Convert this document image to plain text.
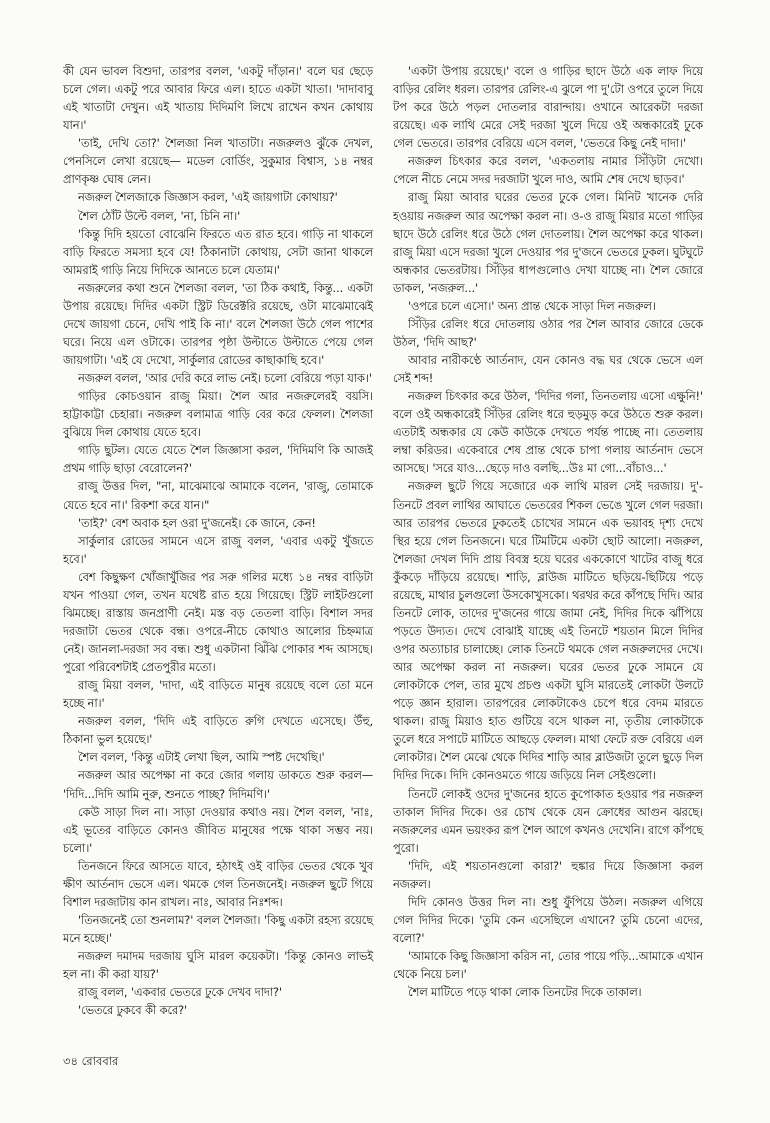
কী যেন ভাবল বিশুদা, তারপর বলল, 'একটু দাঁড়ান।' বলে ঘর ছেড়ে চলে গেল। একটু পরে আবার ফিরে এল। হাতে একটা খাতা। 'দাদাবাবু এই খাতাটা দেখুন। এই খাতায় দিদিমণি লিখে রাখেন কখন কোথায় যান।'

'তাই, দেখি তো?' শৈলজা নিল খাতাটা। নজরুলও ঝুঁকে দেখল, পেনসিলে লেখা রয়েছে— মডেল বোর্ডিং, সুকুমার বিশ্বাস, ১৪ নম্বর প্রাণকৃষ্ণ ঘোষ লেন।

নজরুল শৈলজাকে জিজ্ঞাস করল, 'এই জায়গাটা কোথায়?'

শৈল ঠোঁট উল্টে বলল, 'না, চিনি না।'

'কিন্তু দিদি হয়তো বোঝেনি ফিরতে এত রাত হবে। গাড়ি না থাকলে বাড়ি ফিরতে সমস্যা হবে যে! ঠিকানাটা কোথায়, সেটা জানা থাকলে আমরাই গাড়ি নিয়ে দিদিকে আনতে চলে যেতাম।'

নজরুলের কথা শুনে শৈলজা বলল, 'তা ঠিক কথাই, কিন্তু... একটা উপায় রয়েছে। দিদির একটা স্ট্রিট ডিরেক্টরি রয়েছে, ওটা মাঝেমাঝেই দেখে জায়গা চেনে, দেখি পাই কি না।' বলে শৈলজা উঠে গেল পাশের ঘরে। নিয়ে এল ওটাকে। তারপর পৃষ্ঠা উল্টাতে উল্টাতে পেয়ে গেল জায়গাটা। 'এই যে দেখো, সার্কুলার রোডের কাছাকাছি হবে।'

নজরুল বলল, 'আর দেরি করে লাভ নেই। চলো বেরিয়ে পড়া যাক।'

গাড়ির কোচওয়ান রাজু মিয়া। শৈল আর নজরুলেরই বয়সি। হাট্টাকাট্টা চেহারা। নজরুল বলামাত্র গাড়ি বের করে ফেলল। শৈলজা বুঝিয়ে দিল কোথায় যেতে হবে।

গাড়ি ছুটল। যেতে যেতে শৈল জিজ্ঞাসা করল, 'দিদিমণি কি আজই প্রথম গাড়ি ছাড়া বেরোলেন?'

রাজু উত্তর দিল, "না, মাঝেমাঝে আমাকে বলেন, 'রাজু, তোমাকে যেতে হবে না।' রিকশা করে যান।"

'তাই?' বেশ অবাক হল ওরা দু'জনেই। কে জানে, কেন!

সার্কুলার রোডের সামনে এসে রাজু বলল, 'এবার একটু খুঁজতে হবে।'

বেশ কিছুক্ষণ খোঁজাখুঁজির পর সরু গলির মধ্যে ১৪ নম্বর বাড়িটা যখন পাওয়া গেল, তখন যথেষ্ট রাত হয়ে গিয়েছে। স্ট্রিট লাইটগুলো ঝিমচ্ছে। রাস্তায় জনপ্রাণী নেই। মস্ত বড় তেতলা বাড়ি। বিশাল সদর দরজাটা ভেতর থেকে বন্ধ। ওপরে-নীচে কোথাও আলোর চিহ্নমাত্র নেই। জানলা-দরজা সব বন্ধ। শুধু একটানা ঝিঁঝি পোকার শব্দ আসছে। পুরো পরিবেশটাই প্রেতপুরীর মতো।

রাজু মিয়া বলল, 'দাদা, এই বাড়িতে মানুষ রয়েছে বলে তো মনে হচ্ছে না।'

নজরুল বলল, 'দিদি এই বাড়িতে রুগি দেখতে এসেছে। উঁহু, ঠিকানা ভুল হয়েছে।'

শৈল বলল, 'কিন্তু এটাই লেখা ছিল, আমি স্পষ্ট দেখেছি।'

নজরুল আর অপেক্ষা না করে জোর গলায় ডাকতে শুরু করল— 'দিদি...দিদি আমি নুরু, শুনতে পাচ্ছ? দিদিমণি।'

কেউ সাড়া দিল না। সাড়া দেওয়ার কথাও নয়। শৈল বলল, 'নাঃ, এই ভূতের বাড়িতে কোনও জীবিত মানুষের পক্ষে থাকা সম্ভব নয়। চলো।'

তিনজনে ফিরে আসতে যাবে, হঠাৎই ওই বাড়ির ভেতর থেকে খুব ক্ষীণ আর্তনাদ ভেসে এল। থমকে গেল তিনজনেই। নজরুল ছুটে গিয়ে বিশাল দরজাটায় কান রাখল। নাঃ, আবার নিঃশব্দ।

'তিনজনেই তো শুনলাম?' বলল শৈলজা। 'কিছু একটা রহস্য রয়েছে মনে হচ্ছে।'

নজরুল দমাদম দরজায় ঘুসি মারল কয়েকটা। 'কিন্তু কোনও লাভই হল না। কী করা যায়?'

রাজু বলল, 'একবার ভেতরে ঢুকে দেখব দাদা?'

'ভেতরে ঢুকবে কী করে?'

'একটা উপায় রয়েছে।' বলে ও গাড়ির ছাদে উঠে এক লাফ দিয়ে বাড়ির রেলিং ধরল। তারপর রেলিং-এ ঝুলে পা দু'টো ওপরে তুলে দিয়ে টপ করে উঠে পড়ল দোতলার বারান্দায়। ওখানে আরেকটা দরজা রয়েছে। এক লাথি মেরে সেই দরজা খুলে দিয়ে ওই অন্ধকারেই ঢুকে গেল ভেতরে। তারপর বেরিয়ে এসে বলল, 'ভেতরে কিছু নেই দাদা।'

নজরুল চিৎকার করে বলল, 'একতলায় নামার সিঁড়িটা দেখো। পেলে নীচে নেমে সদর দরজাটা খুলে দাও, আমি শেষ দেখে ছাড়ব।'

রাজু মিয়া আবার ঘরের ভেতর ঢুকে গেল। মিনিট খানেক দেরি হওয়ায় নজরুল আর অপেক্ষা করল না। ও-ও রাজু মিয়ার মতো গাড়ির ছাদে উঠে রেলিং ধরে উঠে গেল দোতলায়। শৈল অপেক্ষা করে থাকল। রাজু মিয়া এসে দরজা খুলে দেওয়ার পর দু'জনে ভেতরে ঢুকল। ঘুটঘুটে অন্ধকার ভেতরটায়। সিঁড়ির ধাপগুলোও দেখা যাচ্ছে না। শৈল জোরে ডাকল, 'নজরুল...'

'ওপরে চলে এসো।' অন্য প্রান্ত থেকে সাড়া দিল নজরুল।

সিঁড়ির রেলিং ধরে দোতলায় ওঠার পর শৈল আবার জোরে ডেকে উঠল, 'দিদি আছ?'

আবার নারীকণ্ঠে আর্তনাদ, যেন কোনও বদ্ধ ঘর থেকে ভেসে এল সেই শব্দ!

নজরুল চিৎকার করে উঠল, 'দিদির গলা, তিনতলায় এসো এক্ষুনি!' বলে ওই অন্ধকারেই সিঁড়ির রেলিং ধরে হুড়মুড় করে উঠতে শুরু করল। এতটাই অন্ধকার যে কেউ কাউকে দেখতে পর্যন্ত পাচ্ছে না। তেতলায় লম্বা করিডর। একেবারে শেষ প্রান্ত থেকে চাপা গলায় আর্তনাদ ভেসে আসছে। 'সরে যাও...ছেড়ে দাও বলছি...উঃ মা গো...বাঁচাও...'

নজরুল ছুটে গিয়ে সজোরে এক লাথি মারল সেই দরজায়। দু'-তিনটে প্রবল লাথির আঘাতে ভেতরের শিকল ভেঙে খুলে গেল দরজা। আর তারপর ভেতরে ঢুকতেই চোখের সামনে এক ভয়াবহ দৃশ্য দেখে স্থির হয়ে গেল তিনজনে। ঘরে টিমটিমে একটা ছোট আলো। নজরুল, শৈলজা দেখল দিদি প্রায় বিবস্ত্র হয়ে ঘরের এককোণে খাটের বাজু ধরে কুঁকড়ে দাঁড়িয়ে রয়েছে। শাড়ি, ব্লাউজ মাটিতে ছড়িয়ে-ছিটিয়ে পড়ে রয়েছে, মাথার চুলগুলো উসকোখুসকো। থরথর করে কাঁপছে দিদি। আর তিনটে লোক, তাদের দু'জনের গায়ে জামা নেই, দিদির দিকে ঝাঁপিয়ে পড়তে উদ্যত। দেখে বোঝাই যাচ্ছে এই তিনটে শয়তান মিলে দিদির ওপর অত্যাচার চালাচ্ছে। লোক তিনটে থমকে গেল নজরুলদের দেখে। আর অপেক্ষা করল না নজরুল। ঘরের ভেতর ঢুকে সামনে যে লোকটাকে পেল, তার মুখে প্রচণ্ড একটা ঘুসি মারতেই লোকটা উলটে পড়ে জ্ঞান হারাল। তারপরের লোকটাকেও চেপে ধরে বেদম মারতে থাকল। রাজু মিয়াও হাত গুটিয়ে বসে থাকল না, তৃতীয় লোকটাকে তুলে ধরে সপাটে মাটিতে আছড়ে ফেলল। মাথা ফেটে রক্ত বেরিয়ে এল লোকটার। শৈল মেঝে থেকে দিদির শাড়ি আর ব্লাউজটা তুলে ছুড়ে দিল দিদির দিকে। দিদি কোনওমতে গায়ে জড়িয়ে নিল সেইগুলো।

তিনটে লোকই ওদের দু'জনের হাতে কুপোকাত হওয়ার পর নজরুল তাকাল দিদির দিকে। ওর চোখ থেকে যেন ক্রোধের আগুন ঝরছে। নজরুলের এমন ভয়ংকর রূপ শৈল আগে কখনও দেখেনি। রাগে কাঁপছে পুরো।

'দিদি, এই শয়তানগুলো কারা?' হুঙ্কার দিয়ে জিজ্ঞাসা করল নজরুল।

দিদি কোনও উত্তর দিল না। শুধু ফুঁপিয়ে উঠল। নজরুল এগিয়ে গেল দিদির দিকে। 'তুমি কেন এসেছিলে এখানে? তুমি চেনো এদের, বলো?'

'আমাকে কিছু জিজ্ঞাসা করিস না, তোর পায়ে পড়ি...আমাকে এখান থেকে নিয়ে চল।'

শৈল মাটিতে পড়ে থাকা লোক তিনটের দিকে তাকাল।

৩৪ রোববার
